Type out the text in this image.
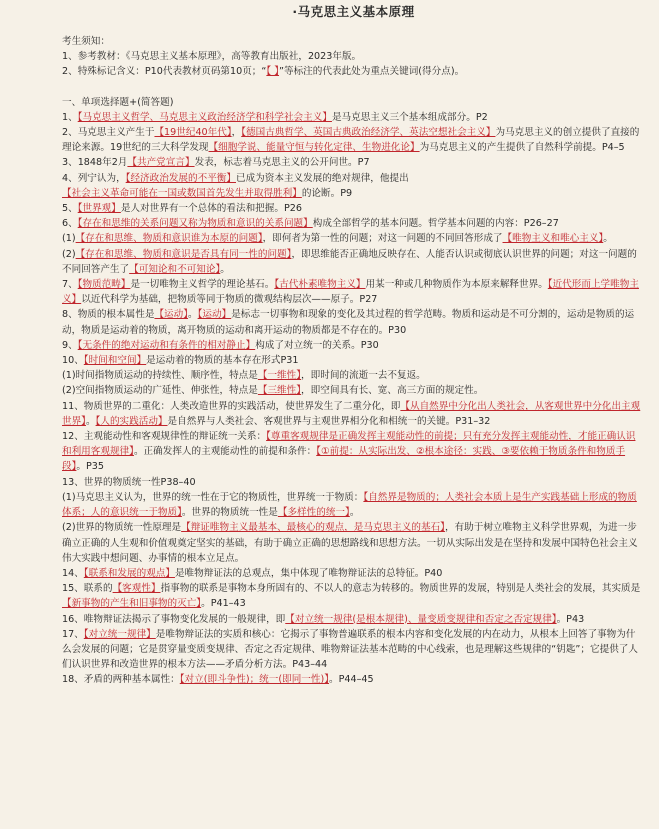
·马克思主义基本原理

考生须知：

1、参考教材：《马克思主义基本原理》，高等教育出版社，2023年版。

2、特殊标记含义：P10代表教材页码第10页；“【 】”等标注的代表此处为重点关键词(得分点)。

一、单项选择题+(简答题)

1、【马克思主义哲学、马克思主义政治经济学和科学社会主义】是马克思主义三个基本组成部分。P2

2、马克思主义产生于【19世纪40年代】，【德国古典哲学、英国古典政治经济学、英法空想社会主义】为马克思主义的创立提供了直接的理论来源。19世纪的三大科学发现【细胞学说、能量守恒与转化定律、生物进化论】为马克思主义的产生提供了自然科学前提。P4–5

3、1848年2月【共产党宣言】发表，标志着马克思主义的公开问世。P7

4、列宁认为，【经济政治发展的不平衡】已成为资本主义发展的绝对规律，他提出【社会主义革命可能在一国或数国首先发生并取得胜利】的论断。P9

5、【世界观】是人对世界有一个总体的看法和把握。P26

6、【存在和思维的关系问题又称为物质和意识的关系问题】构成全部哲学的基本问题。哲学基本问题的内容：P26–27

(1)【存在和思维、物质和意识谁为本原的问题】，即何者为第一性的问题；对这一问题的不同回答形成了【唯物主义和唯心主义】。

(2)【存在和思维、物质和意识是否具有同一性的问题】，即思维能否正确地反映存在、人能否认识或彻底认识世界的问题；对这一问题的不同回答产生了【可知论和不可知论】。

7、【物质范畴】是一切唯物主义哲学的理论基石。【古代朴素唯物主义】用某一种或几种物质作为本原来解释世界。【近代形而上学唯物主义】以近代科学为基础，把物质等同于物质的微观结构层次——原子。P27

8、物质的根本属性是【运动】。【运动】是标志一切事物和现象的变化及其过程的哲学范畴。物质和运动是不可分割的，运动是物质的运动，物质是运动着的物质，离开物质的运动和离开运动的物质都是不存在的。P30

9、【无条件的绝对运动和有条件的相对静止】构成了对立统一的关系。P30

10、【时间和空间】是运动着的物质的基本存在形式P31

(1)时间指物质运动的持续性、顺序性，特点是【一维性】，即时间的流逝一去不复返。

(2)空间指物质运动的广延性、伸张性，特点是【三维性】，即空间具有长、宽、高三方面的规定性。

11、物质世界的二重化：人类改造世界的实践活动，使世界发生了二重分化，即【从自然界中分化出人类社会，从客观世界中分化出主观世界】。【人的实践活动】是自然界与人类社会、客观世界与主观世界相分化和相统一的关键。P31–32

12、主观能动性和客观规律性的辩证统一关系：【尊重客观规律是正确发挥主观能动性的前提；只有充分发挥主观能动性，才能正确认识和利用客观规律】。正确发挥人的主观能动性的前提和条件：【①前提：从实际出发、②根本途径：实践、③要依赖于物质条件和物质手段】。P35

13、世界的物质统一性P38–40

(1)马克思主义认为，世界的统一性在于它的物质性，世界统一于物质：【自然界是物质的；人类社会本质上是生产实践基础上形成的物质体系；人的意识统一于物质】。世界的物质统一性是【多样性的统一】。

(2)世界的物质统一性原理是【辩证唯物主义最基本、最核心的观点，是马克思主义的基石】，有助于树立唯物主义科学世界观，为进一步确立正确的人生观和价值观奠定坚实的基础，有助于确立正确的思想路线和思想方法。一切从实际出发是在坚持和发展中国特色社会主义伟大实践中想问题、办事情的根本立足点。

14、【联系和发展的观点】是唯物辩证法的总观点，集中体现了唯物辩证法的总特征。P40

15、联系的【客观性】指事物的联系是事物本身所固有的、不以人的意志为转移的。物质世界的发展，特别是人类社会的发展，其实质是【新事物的产生和旧事物的灭亡】。P41–43

16、唯物辩证法揭示了事物变化发展的一般规律，即【对立统一规律(是根本规律)、量变质变规律和否定之否定规律】。P43

17、【对立统一规律】是唯物辩证法的实质和核心：它揭示了事物普遍联系的根本内容和变化发展的内在动力，从根本上回答了事物为什么会发展的问题；它是贯穿量变质变规律、否定之否定规律、唯物辩证法基本范畴的中心线索，也是理解这些规律的“钥匙”；它提供了人们认识世界和改造世界的根本方法——矛盾分析方法。P43–44

18、矛盾的两种基本属性：【对立(即斗争性)；统一(即同一性)】。P44–45
